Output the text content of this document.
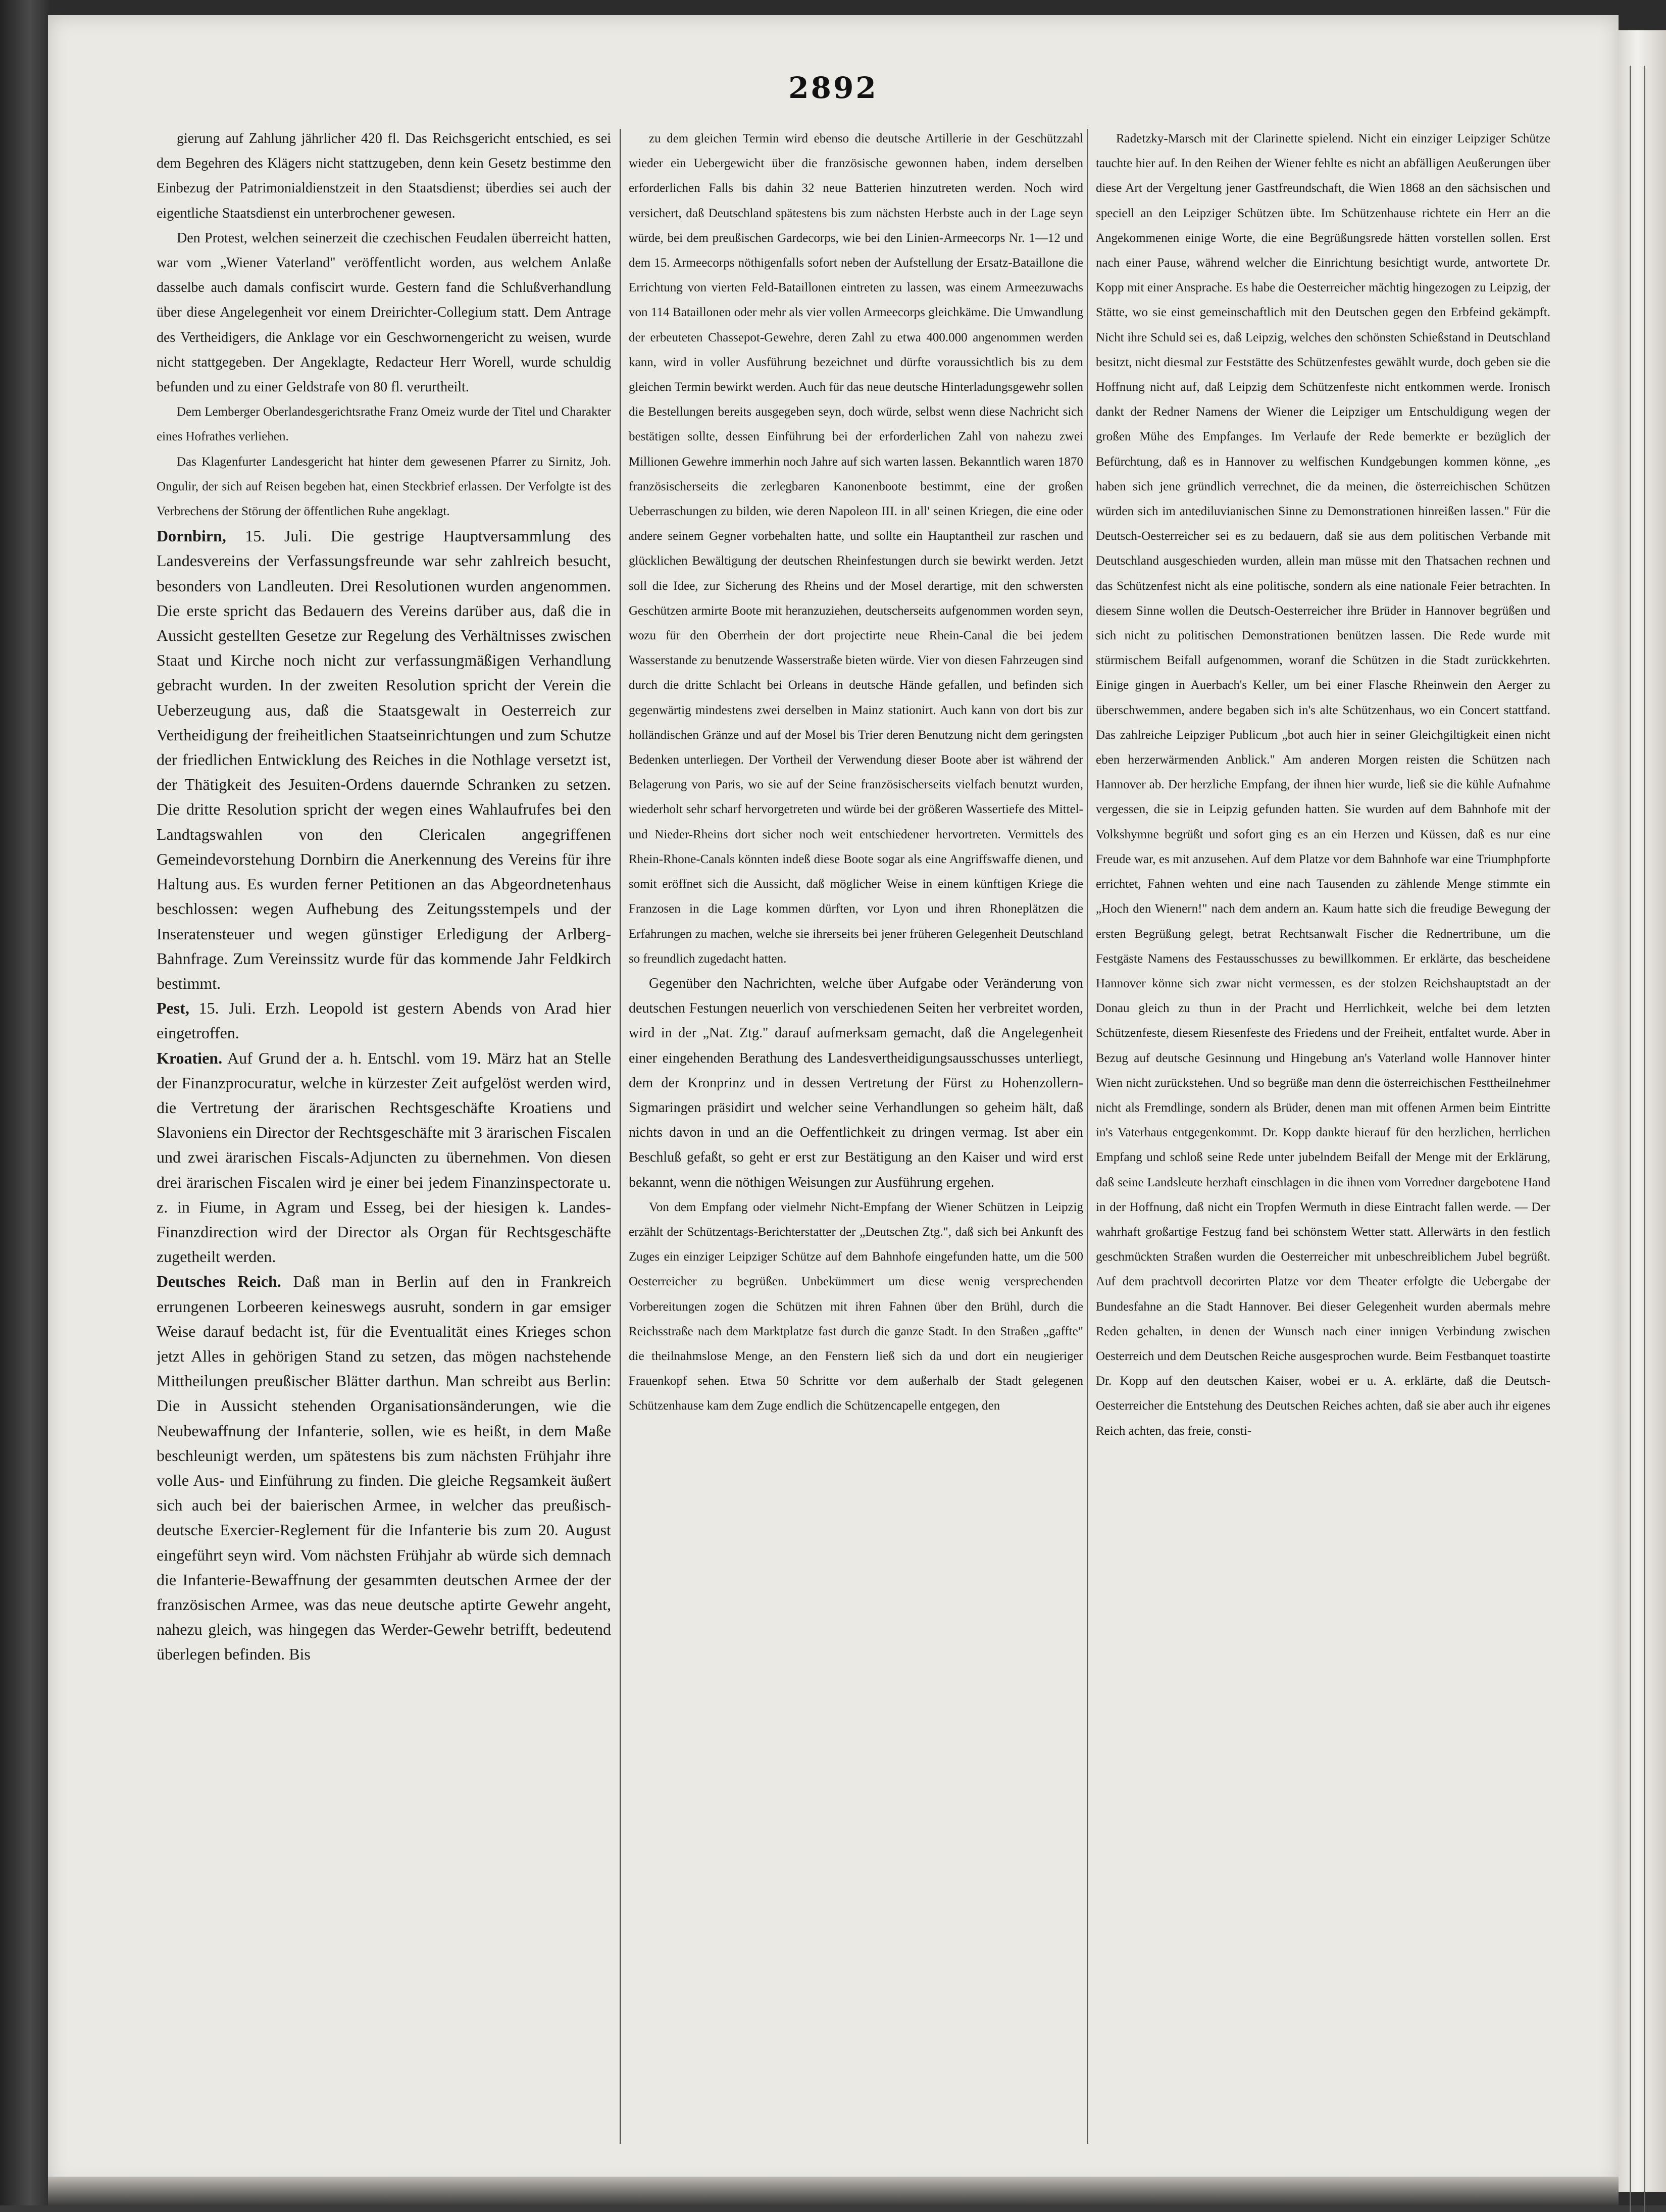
2892

gierung auf Zahlung jährlicher 420 fl. Das Reichsgericht entschied, es sei dem Begehren des Klägers nicht stattzugeben, denn kein Gesetz bestimme den Einbezug der Patrimonialdienstzeit in den Staatsdienst; überdies sei auch der eigentliche Staatsdienst ein unterbrochener gewesen.

Den Protest, welchen seinerzeit die czechischen Feudalen überreicht hatten, war vom „Wiener Vaterland" veröffentlicht worden, aus welchem Anlaße dasselbe auch damals confiscirt wurde. Gestern fand die Schlußverhandlung über diese Angelegenheit vor einem Dreirichter-Collegium statt. Dem Antrage des Vertheidigers, die Anklage vor ein Geschwornengericht zu weisen, wurde nicht stattgegeben. Der Angeklagte, Redacteur Herr Worell, wurde schuldig befunden und zu einer Geldstrafe von 80 fl. verurtheilt.

Dem Lemberger Oberlandesgerichtsrathe Franz Omeiz wurde der Titel und Charakter eines Hofrathes verliehen.

Das Klagenfurter Landesgericht hat hinter dem gewesenen Pfarrer zu Sirnitz, Joh. Ongulir, der sich auf Reisen begeben hat, einen Steckbrief erlassen. Der Verfolgte ist des Verbrechens der Störung der öffentlichen Ruhe angeklagt.

Dornbirn, 15. Juli. Die gestrige Hauptversammlung des Landesvereins der Verfassungsfreunde war sehr zahlreich besucht, besonders von Landleuten. Drei Resolutionen wurden angenommen. Die erste spricht das Bedauern des Vereins darüber aus, daß die in Aussicht gestellten Gesetze zur Regelung des Verhältnisses zwischen Staat und Kirche noch nicht zur verfassungmäßigen Verhandlung gebracht wurden. In der zweiten Resolution spricht der Verein die Ueberzeugung aus, daß die Staatsgewalt in Oesterreich zur Vertheidigung der freiheitlichen Staatseinrichtungen und zum Schutze der friedlichen Entwicklung des Reiches in die Nothlage versetzt ist, der Thätigkeit des Jesuiten-Ordens dauernde Schranken zu setzen. Die dritte Resolution spricht der wegen eines Wahlaufrufes bei den Landtagswahlen von den Clericalen angegriffenen Gemeindevorstehung Dornbirn die Anerkennung des Vereins für ihre Haltung aus. Es wurden ferner Petitionen an das Abgeordnetenhaus beschlossen: wegen Aufhebung des Zeitungsstempels und der Inseratensteuer und wegen günstiger Erledigung der Arlberg-Bahnfrage. Zum Vereinssitz wurde für das kommende Jahr Feldkirch bestimmt.

Pest, 15. Juli. Erzh. Leopold ist gestern Abends von Arad hier eingetroffen.

Kroatien. Auf Grund der a. h. Entschl. vom 19. März hat an Stelle der Finanzprocuratur, welche in kürzester Zeit aufgelöst werden wird, die Vertretung der ärarischen Rechtsgeschäfte Kroatiens und Slavoniens ein Director der Rechtsgeschäfte mit 3 ärarischen Fiscalen und zwei ärarischen Fiscals-Adjuncten zu übernehmen. Von diesen drei ärarischen Fiscalen wird je einer bei jedem Finanzinspectorate u. z. in Fiume, in Agram und Esseg, bei der hiesigen k. Landes-Finanzdirection wird der Director als Organ für Rechtsgeschäfte zugetheilt werden.

Deutsches Reich. Daß man in Berlin auf den in Frankreich errungenen Lorbeeren keineswegs ausruht, sondern in gar emsiger Weise darauf bedacht ist, für die Eventualität eines Krieges schon jetzt Alles in gehörigen Stand zu setzen, das mögen nachstehende Mittheilungen preußischer Blätter darthun. Man schreibt aus Berlin: Die in Aussicht stehenden Organisationsänderungen, wie die Neubewaffnung der Infanterie, sollen, wie es heißt, in dem Maße beschleunigt werden, um spätestens bis zum nächsten Frühjahr ihre volle Aus- und Einführung zu finden. Die gleiche Regsamkeit äußert sich auch bei der baierischen Armee, in welcher das preußisch-deutsche Exercier-Reglement für die Infanterie bis zum 20. August eingeführt seyn wird. Vom nächsten Frühjahr ab würde sich demnach die Infanterie-Bewaffnung der gesammten deutschen Armee der der französischen Armee, was das neue deutsche aptirte Gewehr angeht, nahezu gleich, was hingegen das Werder-Gewehr betrifft, bedeutend überlegen befinden. Bis

zu dem gleichen Termin wird ebenso die deutsche Artillerie in der Geschützzahl wieder ein Uebergewicht über die französische gewonnen haben, indem derselben erforderlichen Falls bis dahin 32 neue Batterien hinzutreten werden. Noch wird versichert, daß Deutschland spätestens bis zum nächsten Herbste auch in der Lage seyn würde, bei dem preußischen Gardecorps, wie bei den Linien-Armeecorps Nr. 1—12 und dem 15. Armeecorps nöthigenfalls sofort neben der Aufstellung der Ersatz-Bataillone die Errichtung von vierten Feld-Bataillonen eintreten zu lassen, was einem Armeezuwachs von 114 Bataillonen oder mehr als vier vollen Armeecorps gleichkäme. Die Umwandlung der erbeuteten Chassepot-Gewehre, deren Zahl zu etwa 400.000 angenommen werden kann, wird in voller Ausführung bezeichnet und dürfte voraussichtlich bis zu dem gleichen Termin bewirkt werden. Auch für das neue deutsche Hinterladungsgewehr sollen die Bestellungen bereits ausgegeben seyn, doch würde, selbst wenn diese Nachricht sich bestätigen sollte, dessen Einführung bei der erforderlichen Zahl von nahezu zwei Millionen Gewehre immerhin noch Jahre auf sich warten lassen. Bekanntlich waren 1870 französischerseits die zerlegbaren Kanonenboote bestimmt, eine der großen Ueberraschungen zu bilden, wie deren Napoleon III. in all' seinen Kriegen, die eine oder andere seinem Gegner vorbehalten hatte, und sollte ein Hauptantheil zur raschen und glücklichen Bewältigung der deutschen Rheinfestungen durch sie bewirkt werden. Jetzt soll die Idee, zur Sicherung des Rheins und der Mosel derartige, mit den schwersten Geschützen armirte Boote mit heranzuziehen, deutscherseits aufgenommen worden seyn, wozu für den Oberrhein der dort projectirte neue Rhein-Canal die bei jedem Wasserstande zu benutzende Wasserstraße bieten würde. Vier von diesen Fahrzeugen sind durch die dritte Schlacht bei Orleans in deutsche Hände gefallen, und befinden sich gegenwärtig mindestens zwei derselben in Mainz stationirt. Auch kann von dort bis zur holländischen Gränze und auf der Mosel bis Trier deren Benutzung nicht dem geringsten Bedenken unterliegen. Der Vortheil der Verwendung dieser Boote aber ist während der Belagerung von Paris, wo sie auf der Seine französischerseits vielfach benutzt wurden, wiederholt sehr scharf hervorgetreten und würde bei der größeren Wassertiefe des Mittel- und Nieder-Rheins dort sicher noch weit entschiedener hervortreten. Vermittels des Rhein-Rhone-Canals könnten indeß diese Boote sogar als eine Angriffswaffe dienen, und somit eröffnet sich die Aussicht, daß möglicher Weise in einem künftigen Kriege die Franzosen in die Lage kommen dürften, vor Lyon und ihren Rhoneplätzen die Erfahrungen zu machen, welche sie ihrerseits bei jener früheren Gelegenheit Deutschland so freundlich zugedacht hatten.

Gegenüber den Nachrichten, welche über Aufgabe oder Veränderung von deutschen Festungen neuerlich von verschiedenen Seiten her verbreitet worden, wird in der „Nat. Ztg." darauf aufmerksam gemacht, daß die Angelegenheit einer eingehenden Berathung des Landesvertheidigungsausschusses unterliegt, dem der Kronprinz und in dessen Vertretung der Fürst zu Hohenzollern-Sigmaringen präsidirt und welcher seine Verhandlungen so geheim hält, daß nichts davon in und an die Oeffentlichkeit zu dringen vermag. Ist aber ein Beschluß gefaßt, so geht er erst zur Bestätigung an den Kaiser und wird erst bekannt, wenn die nöthigen Weisungen zur Ausführung ergehen.

Von dem Empfang oder vielmehr Nicht-Empfang der Wiener Schützen in Leipzig erzählt der Schützentags-Berichterstatter der „Deutschen Ztg.", daß sich bei Ankunft des Zuges ein einziger Leipziger Schütze auf dem Bahnhofe eingefunden hatte, um die 500 Oesterreicher zu begrüßen. Unbekümmert um diese wenig versprechenden Vorbereitungen zogen die Schützen mit ihren Fahnen über den Brühl, durch die Reichsstraße nach dem Marktplatze fast durch die ganze Stadt. In den Straßen „gaffte" die theilnahmslose Menge, an den Fenstern ließ sich da und dort ein neugieriger Frauenkopf sehen. Etwa 50 Schritte vor dem außerhalb der Stadt gelegenen Schützenhause kam dem Zuge endlich die Schützencapelle entgegen, den

Radetzky-Marsch mit der Clarinette spielend. Nicht ein einziger Leipziger Schütze tauchte hier auf. In den Reihen der Wiener fehlte es nicht an abfälligen Aeußerungen über diese Art der Vergeltung jener Gastfreundschaft, die Wien 1868 an den sächsischen und speciell an den Leipziger Schützen übte. Im Schützenhause richtete ein Herr an die Angekommenen einige Worte, die eine Begrüßungsrede hätten vorstellen sollen. Erst nach einer Pause, während welcher die Einrichtung besichtigt wurde, antwortete Dr. Kopp mit einer Ansprache. Es habe die Oesterreicher mächtig hingezogen zu Leipzig, der Stätte, wo sie einst gemeinschaftlich mit den Deutschen gegen den Erbfeind gekämpft. Nicht ihre Schuld sei es, daß Leipzig, welches den schönsten Schießstand in Deutschland besitzt, nicht diesmal zur Feststätte des Schützenfestes gewählt wurde, doch geben sie die Hoffnung nicht auf, daß Leipzig dem Schützenfeste nicht entkommen werde. Ironisch dankt der Redner Namens der Wiener die Leipziger um Entschuldigung wegen der großen Mühe des Empfanges. Im Verlaufe der Rede bemerkte er bezüglich der Befürchtung, daß es in Hannover zu welfischen Kundgebungen kommen könne, „es haben sich jene gründlich verrechnet, die da meinen, die österreichischen Schützen würden sich im antediluvianischen Sinne zu Demonstrationen hinreißen lassen." Für die Deutsch-Oesterreicher sei es zu bedauern, daß sie aus dem politischen Verbande mit Deutschland ausgeschieden wurden, allein man müsse mit den Thatsachen rechnen und das Schützenfest nicht als eine politische, sondern als eine nationale Feier betrachten. In diesem Sinne wollen die Deutsch-Oesterreicher ihre Brüder in Hannover begrüßen und sich nicht zu politischen Demonstrationen benützen lassen. Die Rede wurde mit stürmischem Beifall aufgenommen, woranf die Schützen in die Stadt zurückkehrten. Einige gingen in Auerbach's Keller, um bei einer Flasche Rheinwein den Aerger zu überschwemmen, andere begaben sich in's alte Schützenhaus, wo ein Concert stattfand. Das zahlreiche Leipziger Publicum „bot auch hier in seiner Gleichgiltigkeit einen nicht eben herzerwärmenden Anblick." Am anderen Morgen reisten die Schützen nach Hannover ab. Der herzliche Empfang, der ihnen hier wurde, ließ sie die kühle Aufnahme vergessen, die sie in Leipzig gefunden hatten. Sie wurden auf dem Bahnhofe mit der Volkshymne begrüßt und sofort ging es an ein Herzen und Küssen, daß es nur eine Freude war, es mit anzusehen. Auf dem Platze vor dem Bahnhofe war eine Triumphpforte errichtet, Fahnen wehten und eine nach Tausenden zu zählende Menge stimmte ein „Hoch den Wienern!" nach dem andern an. Kaum hatte sich die freudige Bewegung der ersten Begrüßung gelegt, betrat Rechtsanwalt Fischer die Rednertribune, um die Festgäste Namens des Festausschusses zu bewillkommen. Er erklärte, das bescheidene Hannover könne sich zwar nicht vermessen, es der stolzen Reichshauptstadt an der Donau gleich zu thun in der Pracht und Herrlichkeit, welche bei dem letzten Schützenfeste, diesem Riesenfeste des Friedens und der Freiheit, entfaltet wurde. Aber in Bezug auf deutsche Gesinnung und Hingebung an's Vaterland wolle Hannover hinter Wien nicht zurückstehen. Und so begrüße man denn die österreichischen Festtheilnehmer nicht als Fremdlinge, sondern als Brüder, denen man mit offenen Armen beim Eintritte in's Vaterhaus entgegenkommt. Dr. Kopp dankte hierauf für den herzlichen, herrlichen Empfang und schloß seine Rede unter jubelndem Beifall der Menge mit der Erklärung, daß seine Landsleute herzhaft einschlagen in die ihnen vom Vorredner dargebotene Hand in der Hoffnung, daß nicht ein Tropfen Wermuth in diese Eintracht fallen werde. — Der wahrhaft großartige Festzug fand bei schönstem Wetter statt. Allerwärts in den festlich geschmückten Straßen wurden die Oesterreicher mit unbeschreiblichem Jubel begrüßt. Auf dem prachtvoll decorirten Platze vor dem Theater erfolgte die Uebergabe der Bundesfahne an die Stadt Hannover. Bei dieser Gelegenheit wurden abermals mehre Reden gehalten, in denen der Wunsch nach einer innigen Verbindung zwischen Oesterreich und dem Deutschen Reiche ausgesprochen wurde. Beim Festbanquet toastirte Dr. Kopp auf den deutschen Kaiser, wobei er u. A. erklärte, daß die Deutsch-Oesterreicher die Entstehung des Deutschen Reiches achten, daß sie aber auch ihr eigenes Reich achten, das freie, consti-
